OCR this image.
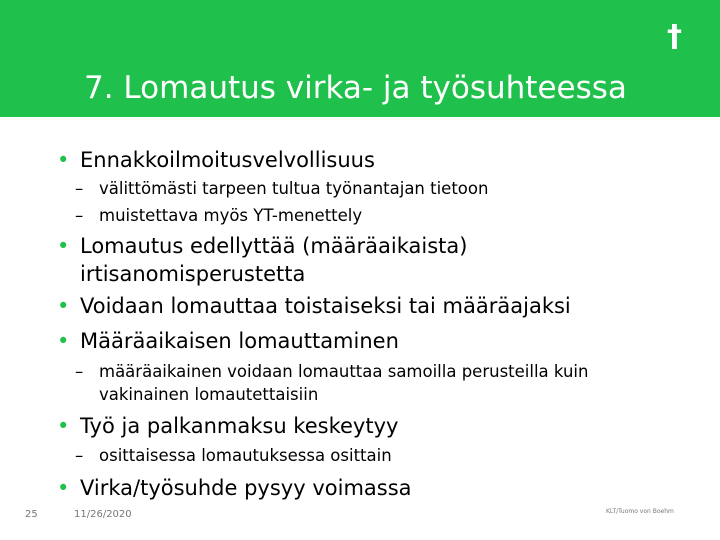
†
7. Lomautus virka- ja työsuhteessa
• Ennakkoilmoitusvelvollisuus
– välittömästi tarpeen tultua työnantajan tietoon
– muistettava myös YT-menettely
• Lomautus edellyttää (määräaikaista)
irtisanomisperustetta
• Voidaan lomauttaa toistaiseksi tai määräajaksi
• Määräaikaisen lomauttaminen
– määräaikainen voidaan lomauttaa samoilla perusteilla kuin
vakinainen lomautettaisiin
• Työ ja palkanmaksu keskeytyy
– osittaisessa lomautuksessa osittain
• Virka/työsuhde pysyy voimassa
25	11/26/2020	KLT/Tuomo von Boehm
